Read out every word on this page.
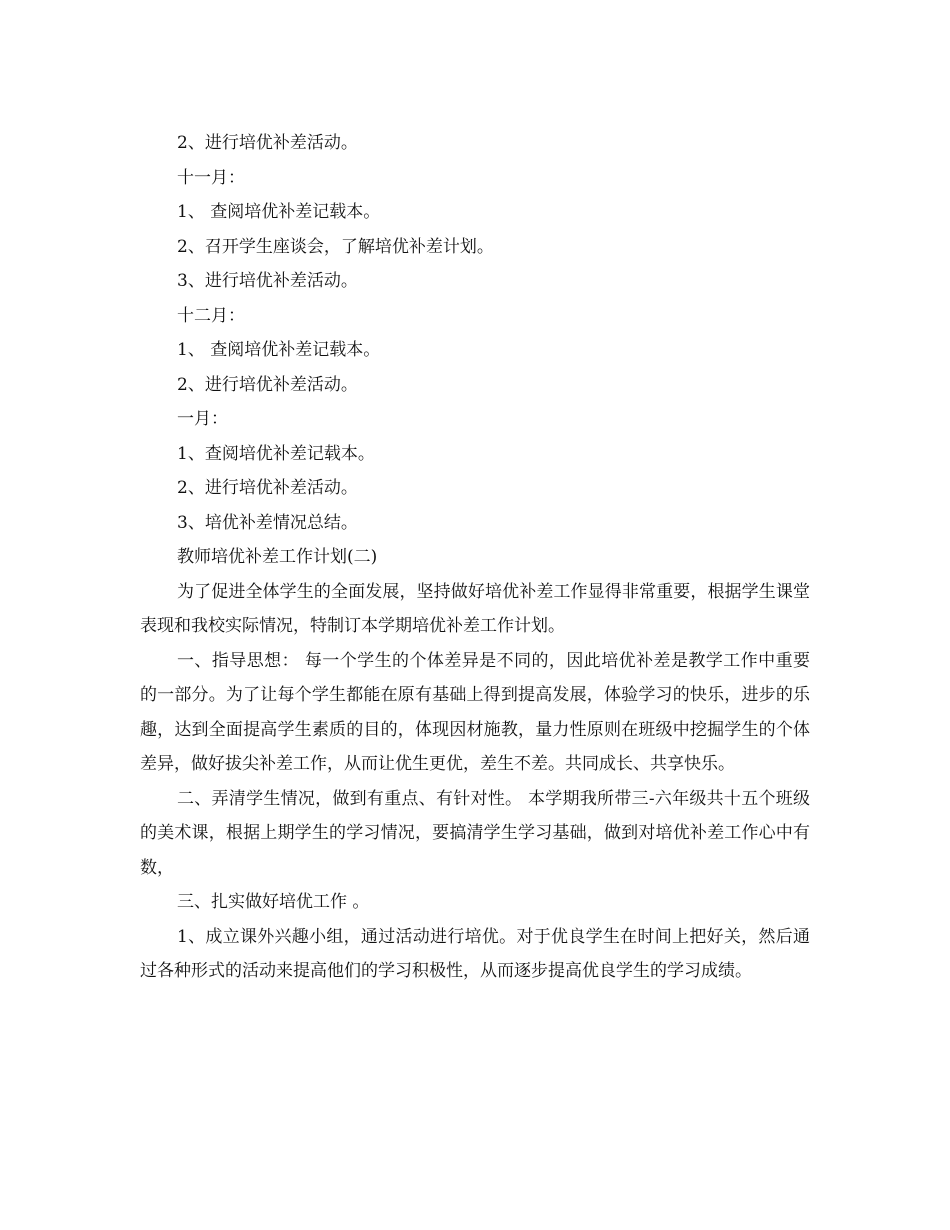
2、进行培优补差活动。

十一月：

1、 查阅培优补差记载本。

2、召开学生座谈会，了解培优补差计划。

3、进行培优补差活动。

十二月：

1、 查阅培优补差记载本。

2、进行培优补差活动。

一月：

1、查阅培优补差记载本。

2、进行培优补差活动。

3、培优补差情况总结。

教师培优补差工作计划(二)

为了促进全体学生的全面发展，坚持做好培优补差工作显得非常重要，根据学生课堂表现和我校实际情况，特制订本学期培优补差工作计划。

一、指导思想： 每一个学生的个体差异是不同的，因此培优补差是教学工作中重要的一部分。为了让每个学生都能在原有基础上得到提高发展，体验学习的快乐，进步的乐趣，达到全面提高学生素质的目的，体现因材施教，量力性原则在班级中挖掘学生的个体差异，做好拔尖补差工作，从而让优生更优，差生不差。共同成长、共享快乐。

二、弄清学生情况，做到有重点、有针对性。 本学期我所带三-六年级共十五个班级的美术课，根据上期学生的学习情况，要搞清学生学习基础，做到对培优补差工作心中有数，

三、扎实做好培优工作 。

1、成立课外兴趣小组，通过活动进行培优。对于优良学生在时间上把好关，然后通过各种形式的活动来提高他们的学习积极性，从而逐步提高优良学生的学习成绩。
